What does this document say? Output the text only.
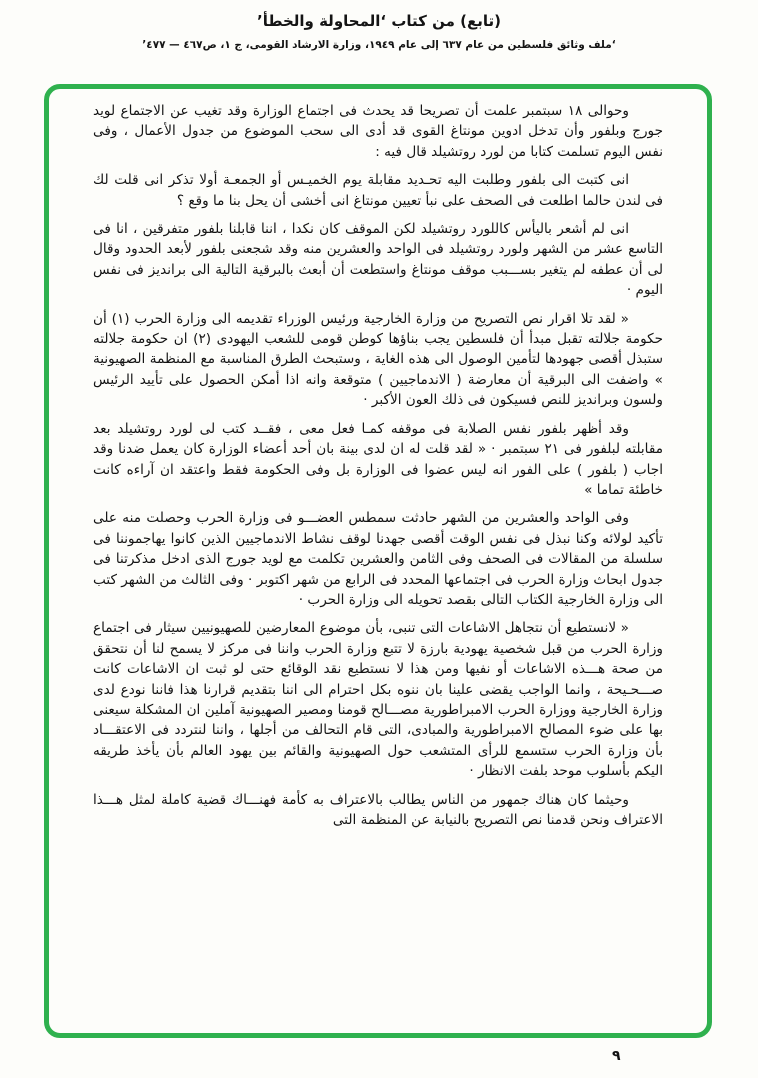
(تابع) من كتاب ‘المحاولة والخطأ’
‘ملف وثائق فلسطين من عام ٦٣٧ إلى عام ١٩٤٩، وزارة الارشاد القومى، ج ١، ص٤٦٧ — ٤٧٧’

وحوالى ١٨ سبتمبر علمت أن تصريحا قد يحدث فى اجتماع الوزارة وقد تغيب عن الاجتماع لويد جورج وبلفور وأن تدخل ادوين مونتاغ القوى قد أدى الى سحب الموضوع من جدول الأعمال ، وفى نفس اليوم تسلمت كتابا من لورد روتشيلد قال فيه :

انى كتبت الى بلفور وطلبت اليه تحـديد مقابلة يوم الخميـس أو الجمعـة أولا تذكر انى قلت لك فى لندن حالما اطلعت فى الصحف على نبأ تعيين مونتاغ انى أخشى أن يحل بنا ما وقع ؟

انى لم أشعر باليأس كاللورد روتشيلد لكن الموقف كان نكدا ، اننا قابلنا بلفور متفرقين ، انا فى التاسع عشر من الشهر ولورد روتشيلد فى الواحد والعشرين منه وقد شجعنى بلفور لأبعد الحدود وقال لى أن عطفه لم يتغير بســـبب موقف مونتاغ واستطعت أن أبعث بالبرقية التالية الى برانديز فى نفس اليوم ·

« لقد تلا اقرار نص التصريح من وزارة الخارجية ورئيس الوزراء تقديمه الى وزارة الحرب (١) أن حكومة جلالته تقبل مبدأ أن فلسطين يجب بناؤها كوطن قومى للشعب اليهودى (٢) ان حكومة جلالته ستبذل أقصى جهودها لتأمين الوصول الى هذه الغاية ، وستبحث الطرق المناسبة مع المنظمة الصهيونية » واضفت الى البرقية أن معارضة ( الاندماجيين ) متوقعة وانه اذا أمكن الحصول على تأييد الرئيس ولسون وبرانديز للنص فسيكون فى ذلك العون الأكبر ·

وقد أظهر بلفور نفس الصلابة فى موقفه كمـا فعل معى ، فقــد كتب لى لورد روتشيلد بعد مقابلته لبلفور فى ٢١ سبتمبر · « لقد قلت له ان لدى بينة بان أحد أعضاء الوزارة كان يعمل ضدنا وقد اجاب ( بلفور ) على الفور انه ليس عضوا فى الوزارة بل وفى الحكومة فقط واعتقد ان آراءه كانت خاطئة تماما »

وفى الواحد والعشرين من الشهر حادثت سمطس العضـــو فى وزارة الحرب وحصلت منه على تأكيد لولائه وكنا نبذل فى نفس الوقت أقصى جهدنا لوقف نشاط الاندماجيين الذين كانوا يهاجموننا فى سلسلة من المقالات فى الصحف وفى الثامن والعشرين تكلمت مع لويد جورج الذى ادخل مذكرتنا فى جدول ابحاث وزارة الحرب فى اجتماعها المحدد فى الرابع من شهر اكتوبر · وفى الثالث من الشهر كتب الى وزارة الخارجية الكتاب التالى بقصد تحويله الى وزارة الحرب ·

« لانستطيع أن نتجاهل الاشاعات التى تنبى، بأن موضوع المعارضين للصهيونيين سيثار فى اجتماع وزارة الحرب من قبل شخصية يهودية بارزة لا تتبع وزارة الحرب واننا فى مركز لا يسمح لنا أن نتحقق من صحة هـــذه الاشاعات أو نفيها ومن هذا لا نستطيع نقد الوقائع حتى لو ثبت ان الاشاعات كانت صـــحـيحة ، وانما الواجب يقضى علينا بان ننوه بكل احترام الى اننا بتقديم قرارنا هذا فاننا نودع لدى وزارة الخارجية ووزارة الحرب الامبراطورية مصـــالح قومنا ومصير الصهيونية آملين ان المشكلة سيعنى بها على ضوء المصالح الامبراطورية والمبادى، التى قام التحالف من أجلها ، واننا لنتردد فى الاعتقـــاد بأن وزارة الحرب ستسمع للرأى المتشعب حول الصهيونية والقائم بين يهود العالم بأن يأخذ طريقه اليكم بأسلوب موحد بلفت الانظار ·

وحيثما كان هناك جمهور من الناس يطالب بالاعتراف به كأمة فهنـــاك قضية كاملة لمثل هـــذا الاعتراف ونحن قدمنا نص التصريح بالنيابة عن المنظمة التى

٩
